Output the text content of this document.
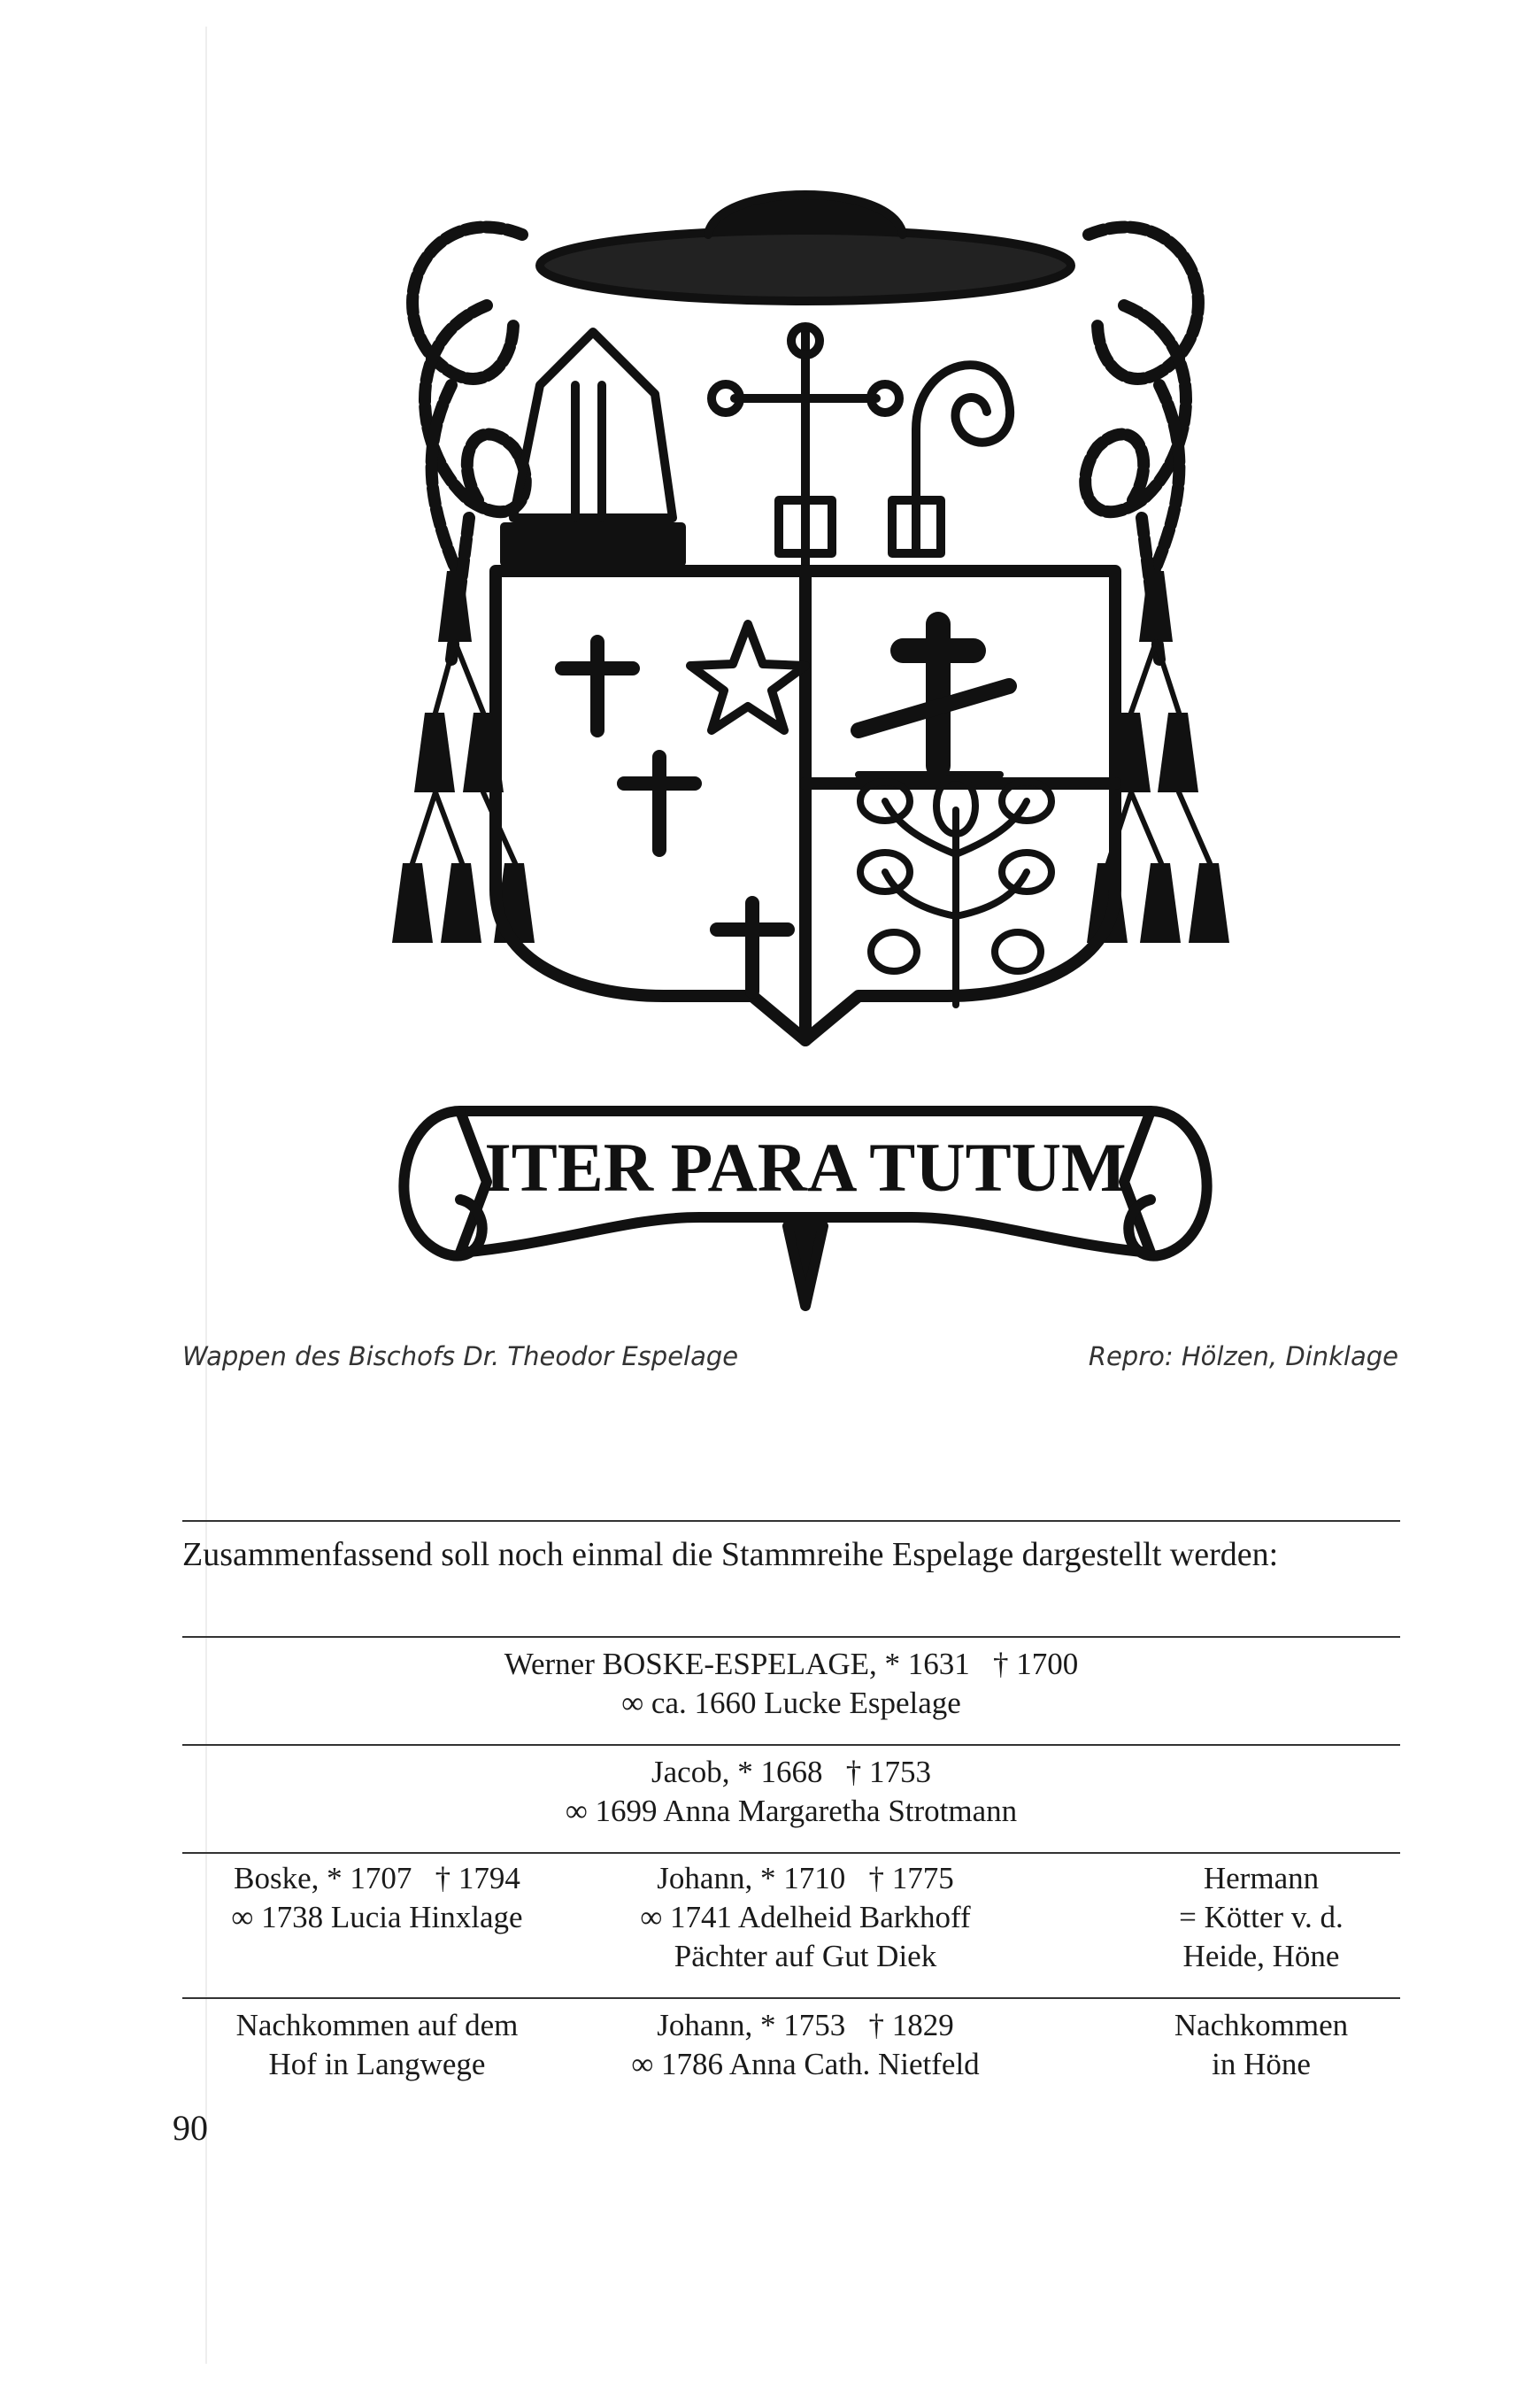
ITER PARA TUTUM
Wappen des Bischofs Dr. Theodor Espelage	Repro: Hölzen, Dinklage
Zusammenfassend soll noch einmal die Stammreihe Espelage dargestellt werden:
Werner BOSKE-ESPELAGE, * 1631   † 1700
∞ ca. 1660 Lucke Espelage
Jacob, * 1668   † 1753
∞ 1699 Anna Margaretha Strotmann
Boske, * 1707   † 1794
∞ 1738 Lucia Hinxlage
Johann, * 1710   † 1775
∞ 1741 Adelheid Barkhoff
Pächter auf Gut Diek
Hermann
= Kötter v. d.
Heide, Höne
Nachkommen auf dem
Hof in Langwege
Johann, * 1753   † 1829
∞ 1786 Anna Cath. Nietfeld
Nachkommen
in Höne
90
